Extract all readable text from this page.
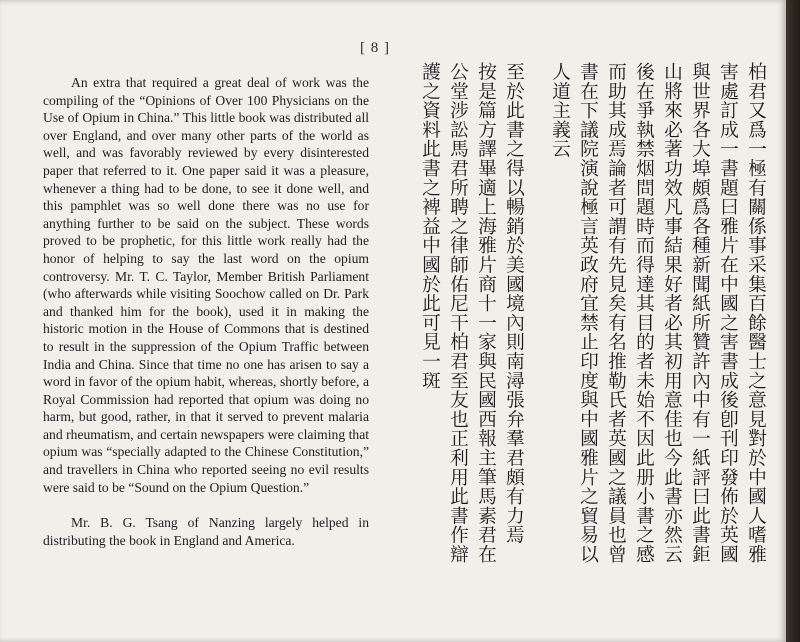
[ 8 ]

An extra that required a great deal of work was the compiling of the “Opinions of Over 100 Physicians on the Use of Opium in China.” This little book was distributed all over England, and over many other parts of the world as well, and was favorably reviewed by every disinterested paper that referred to it. One paper said it was a pleasure, whenever a thing had to be done, to see it done well, and this pamphlet was so well done there was no use for anything further to be said on the subject. These words proved to be prophetic, for this little work really had the honor of helping to say the last word on the opium controversy. Mr. T. C. Taylor, Member British Parliament (who afterwards while visiting Soochow called on Dr. Park and thanked him for the book), used it in making the historic motion in the House of Commons that is destined to result in the suppression of the Opium Traffic between India and China. Since that time no one has arisen to say a word in favor of the opium habit, whereas, shortly before, a Royal Commission had reported that opium was doing no harm, but good, rather, in that it served to prevent malaria and rheumatism, and certain newspapers were claiming that opium was “specially adapted to the Chinese Constitution,” and travellers in China who reported seeing no evil results were said to be “Sound on the Opium Question.”

Mr. B. G. Tsang of Nanzing largely helped in distributing the book in England and America.

柏君又爲一極有關係事采集百餘醫士之意見對於中國人嗜雅
害處訂成一書題曰雅片在中國之害書成後卽刊印發佈於英國
與世界各大埠頗爲各種新聞紙所贊許內中有一紙評曰此書鉅
山將來必著功效凡事結果好者必其初用意佳也今此書亦然云
後在爭執禁烟問題時而得達其目的者未始不因此册小書之感
而助其成焉論者可謂有先見矣有名推勒氏者英國之議員也曾
書在下議院演說極言英政府宜禁止印度與中國雅片之貿易以
人道主義云
至於此書之得以暢銷於美國境內則南潯張弁羣君頗有力焉
按是篇方譯畢適上海雅片商十一家與民國西報主筆馬素君在
公堂涉訟馬君所聘之律師佑尼干柏君至友也正利用此書作辯
護之資料此書之裨益中國於此可見一斑
